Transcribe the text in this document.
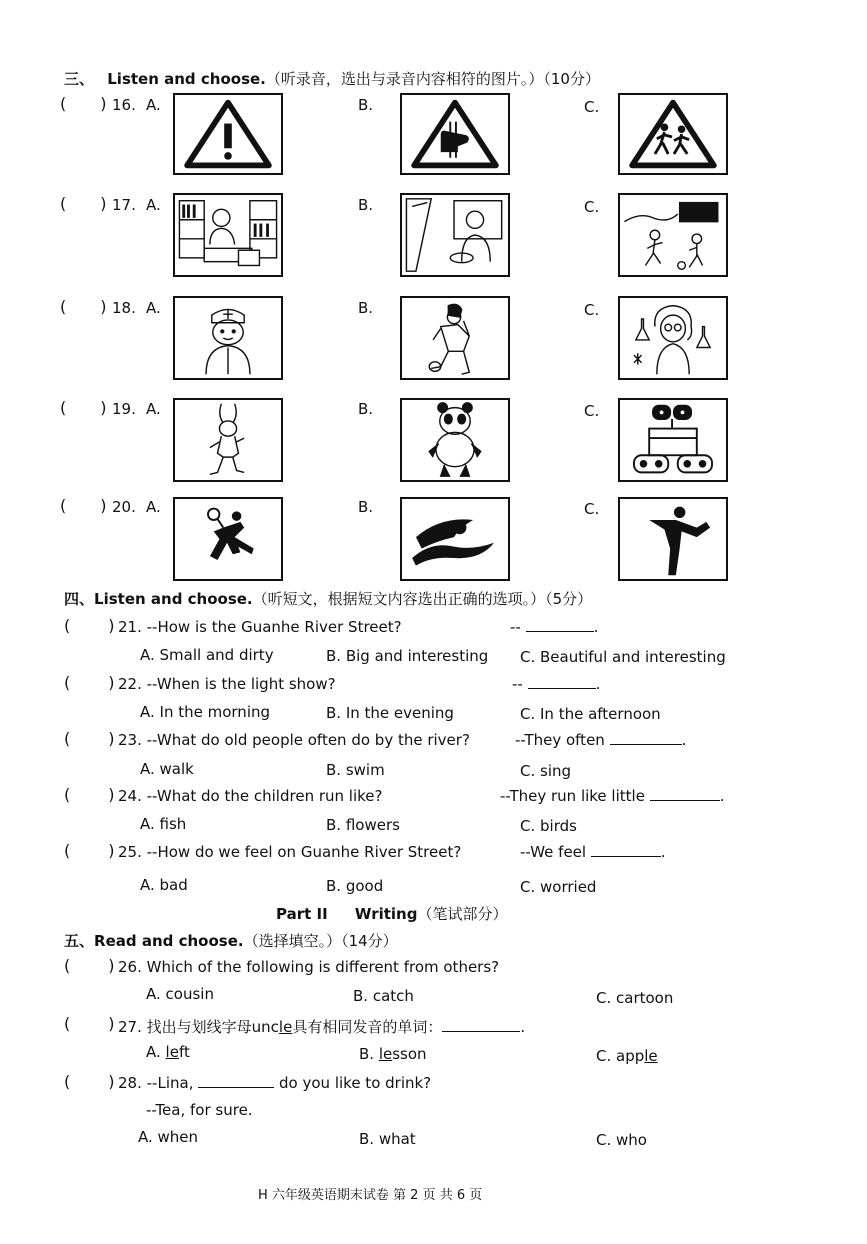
三、 Listen and choose.（听录音，选出与录音内容相符的图片。）（10分）
( ) 16. A.	B.	C.
( ) 17. A.	B.	C.
( ) 18. A.	B.	C.
( ) 19. A.	B.	C.
( ) 20. A.	B.	C.
四、Listen and choose.（听短文，根据短文内容选出正确的选项。）（5分）
( ) 21. --How is the Guanhe River Street?	--	.
A. Small and dirty	B. Big and interesting C. Beautiful and interesting
( ) 22. --When is the light show?	--	.
A. In the morning	B. In the evening	C. In the afternoon
( ) 23. --What do old people often do by the river?	--They often	.
A. walk	B. swim	C. sing
( ) 24. --What do the children run like?	--They run like little	.
A. fish	B. flowers	C. birds
( ) 25. --How do we feel on Guanhe River Street?	--We feel	.
A. bad	B. good	C. worried
Part II Writing（笔试部分）
五、Read and choose.（选择填空。）（14分）
( ) 26. Which of the following is different from others?
A. cousin	B. catch	C. cartoon
( ) 27. 找出与划线字母uncle具有相同发音的单词：	.
A. left	B. lesson	C. apple
( ) 28. --Lina,	do you like to drink?
--Tea, for sure.
A. when	B. what	C. who
H 六年级英语期末试卷 第 2 页 共 6 页
